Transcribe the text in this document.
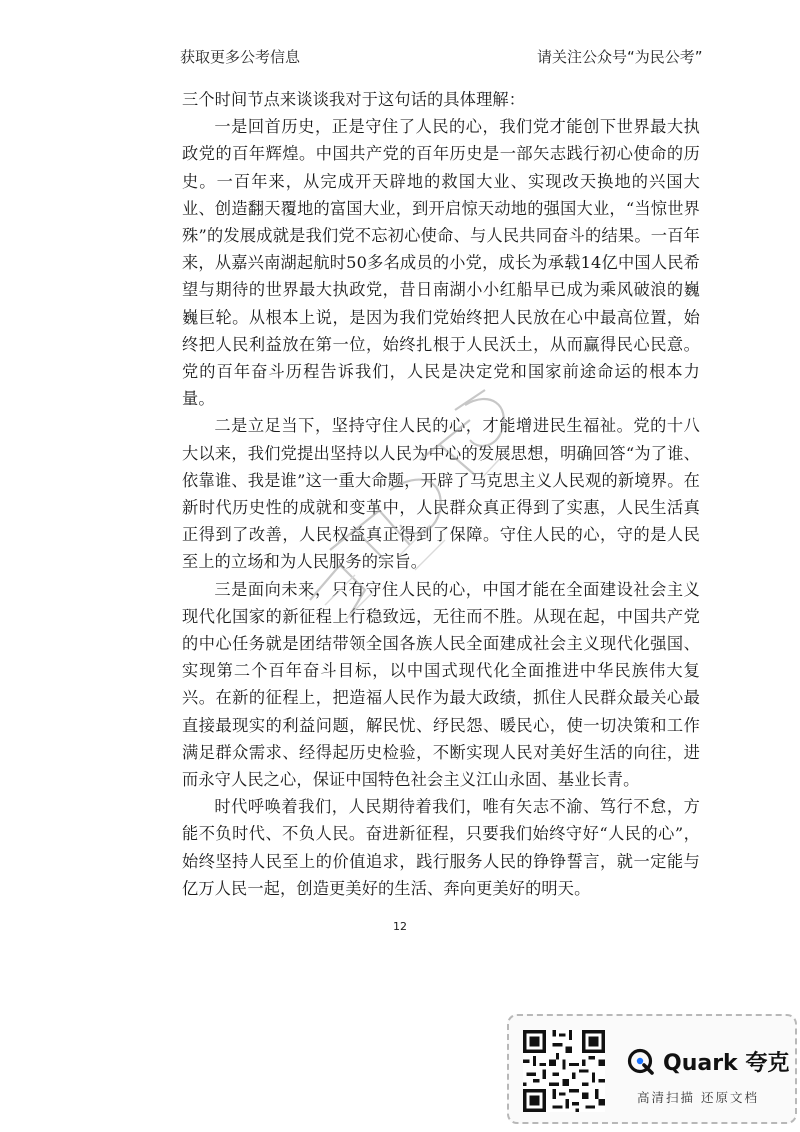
获取更多公考信息	请关注公众号“为民公考”

三个时间节点来谈谈我对于这句话的具体理解：

一是回首历史，正是守住了人民的心，我们党才能创下世界最大执政党的百年辉煌。中国共产党的百年历史是一部矢志践行初心使命的历史。一百年来，从完成开天辟地的救国大业、实现改天换地的兴国大业、创造翻天覆地的富国大业，到开启惊天动地的强国大业，“当惊世界殊”的发展成就是我们党不忘初心使命、与人民共同奋斗的结果。一百年来，从嘉兴南湖起航时50多名成员的小党，成长为承载14亿中国人民希望与期待的世界最大执政党，昔日南湖小小红船早已成为乘风破浪的巍巍巨轮。从根本上说，是因为我们党始终把人民放在心中最高位置，始终把人民利益放在第一位，始终扎根于人民沃土，从而赢得民心民意。党的百年奋斗历程告诉我们，人民是决定党和国家前途命运的根本力量。

二是立足当下，坚持守住人民的心，才能增进民生福祉。党的十八大以来，我们党提出坚持以人民为中心的发展思想，明确回答“为了谁、依靠谁、我是谁”这一重大命题，开辟了马克思主义人民观的新境界。在新时代历史性的成就和变革中，人民群众真正得到了实惠，人民生活真正得到了改善，人民权益真正得到了保障。守住人民的心，守的是人民至上的立场和为人民服务的宗旨。

三是面向未来，只有守住人民的心，中国才能在全面建设社会主义现代化国家的新征程上行稳致远，无往而不胜。从现在起，中国共产党的中心任务就是团结带领全国各族人民全面建成社会主义现代化强国、实现第二个百年奋斗目标，以中国式现代化全面推进中华民族伟大复兴。在新的征程上，把造福人民作为最大政绩，抓住人民群众最关心最直接最现实的利益问题，解民忧、纾民怨、暖民心，使一切决策和工作满足群众需求、经得起历史检验，不断实现人民对美好生活的向往，进而永守人民之心，保证中国特色社会主义江山永固、基业长青。

时代呼唤着我们，人民期待着我们，唯有矢志不渝、笃行不怠，方能不负时代、不负人民。奋进新征程，只要我们始终守好“人民的心”，始终坚持人民至上的价值追求，践行服务人民的铮铮誓言，就一定能与亿万人民一起，创造更美好的生活、奔向更美好的明天。

12
Quark 夸克
高清扫描 还原文档
